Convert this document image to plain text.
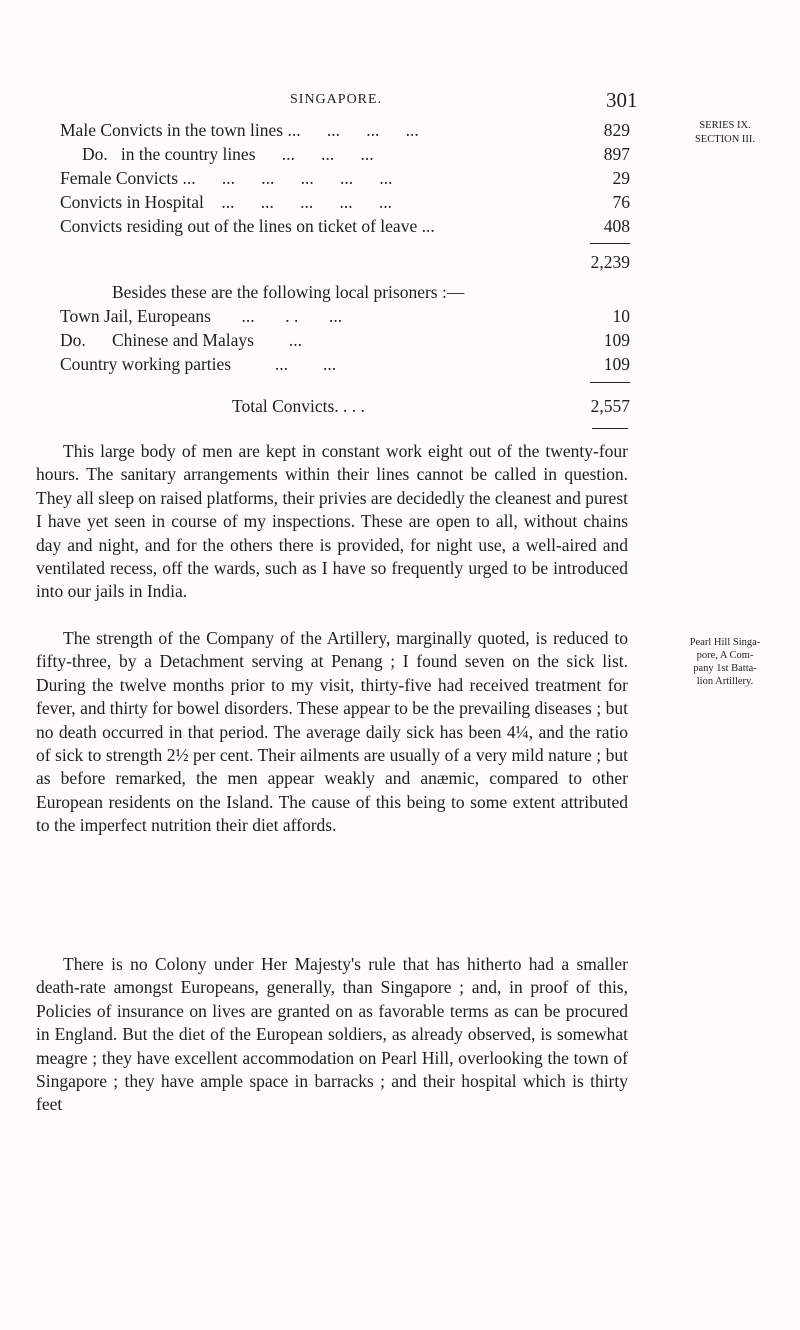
SINGAPORE.	301
SERIES IX.
SECTION III.
Pearl Hill Singa-
pore, A Com-
pany 1st Batta-
lion Artillery.
Male Convicts in the town lines ...      ...      ...      ...	829
Do.   in the country lines      ...      ...      ...	897
Female Convicts ...      ...      ...      ...      ...      ...	29
Convicts in Hospital    ...      ...      ...      ...      ...	76
Convicts residing out of the lines on ticket of leave ...	408
2,239
Besides these are the following local prisoners :—
Town Jail, Europeans       ...       . .       ...	10
Do.      Chinese and Malays        ...	109
Country working parties          ...        ...	109
Total Convicts. . . .	2,557

This large body of men are kept in constant work eight out of the twenty-four hours. The sanitary arrangements within their lines cannot be called in question. They all sleep on raised platforms, their privies are decidedly the cleanest and purest I have yet seen in course of my inspections. These are open to all, without chains day and night, and for the others there is provided, for night use, a well-aired and ventilated recess, off the wards, such as I have so frequently urged to be introduced into our jails in India.

The strength of the Company of the Artillery, marginally quoted, is reduced to fifty-three, by a Detachment serving at Penang ; I found seven on the sick list. During the twelve months prior to my visit, thirty-five had received treatment for fever, and thirty for bowel disorders. These appear to be the prevailing diseases ; but no death occurred in that period. The average daily sick has been 4¼, and the ratio of sick to strength 2½ per cent. Their ailments are usually of a very mild nature ; but as before remarked, the men appear weakly and anæmic, compared to other European residents on the Island. The cause of this being to some extent attributed to the imperfect nutrition their diet affords.

There is no Colony under Her Majesty's rule that has hitherto had a smaller death-rate amongst Europeans, generally, than Singapore ; and, in proof of this, Policies of insurance on lives are granted on as favorable terms as can be procured in England. But the diet of the European soldiers, as already observed, is somewhat meagre ; they have excellent accommodation on Pearl Hill, overlooking the town of Singapore ; they have ample space in barracks ; and their hospital which is thirty feet
